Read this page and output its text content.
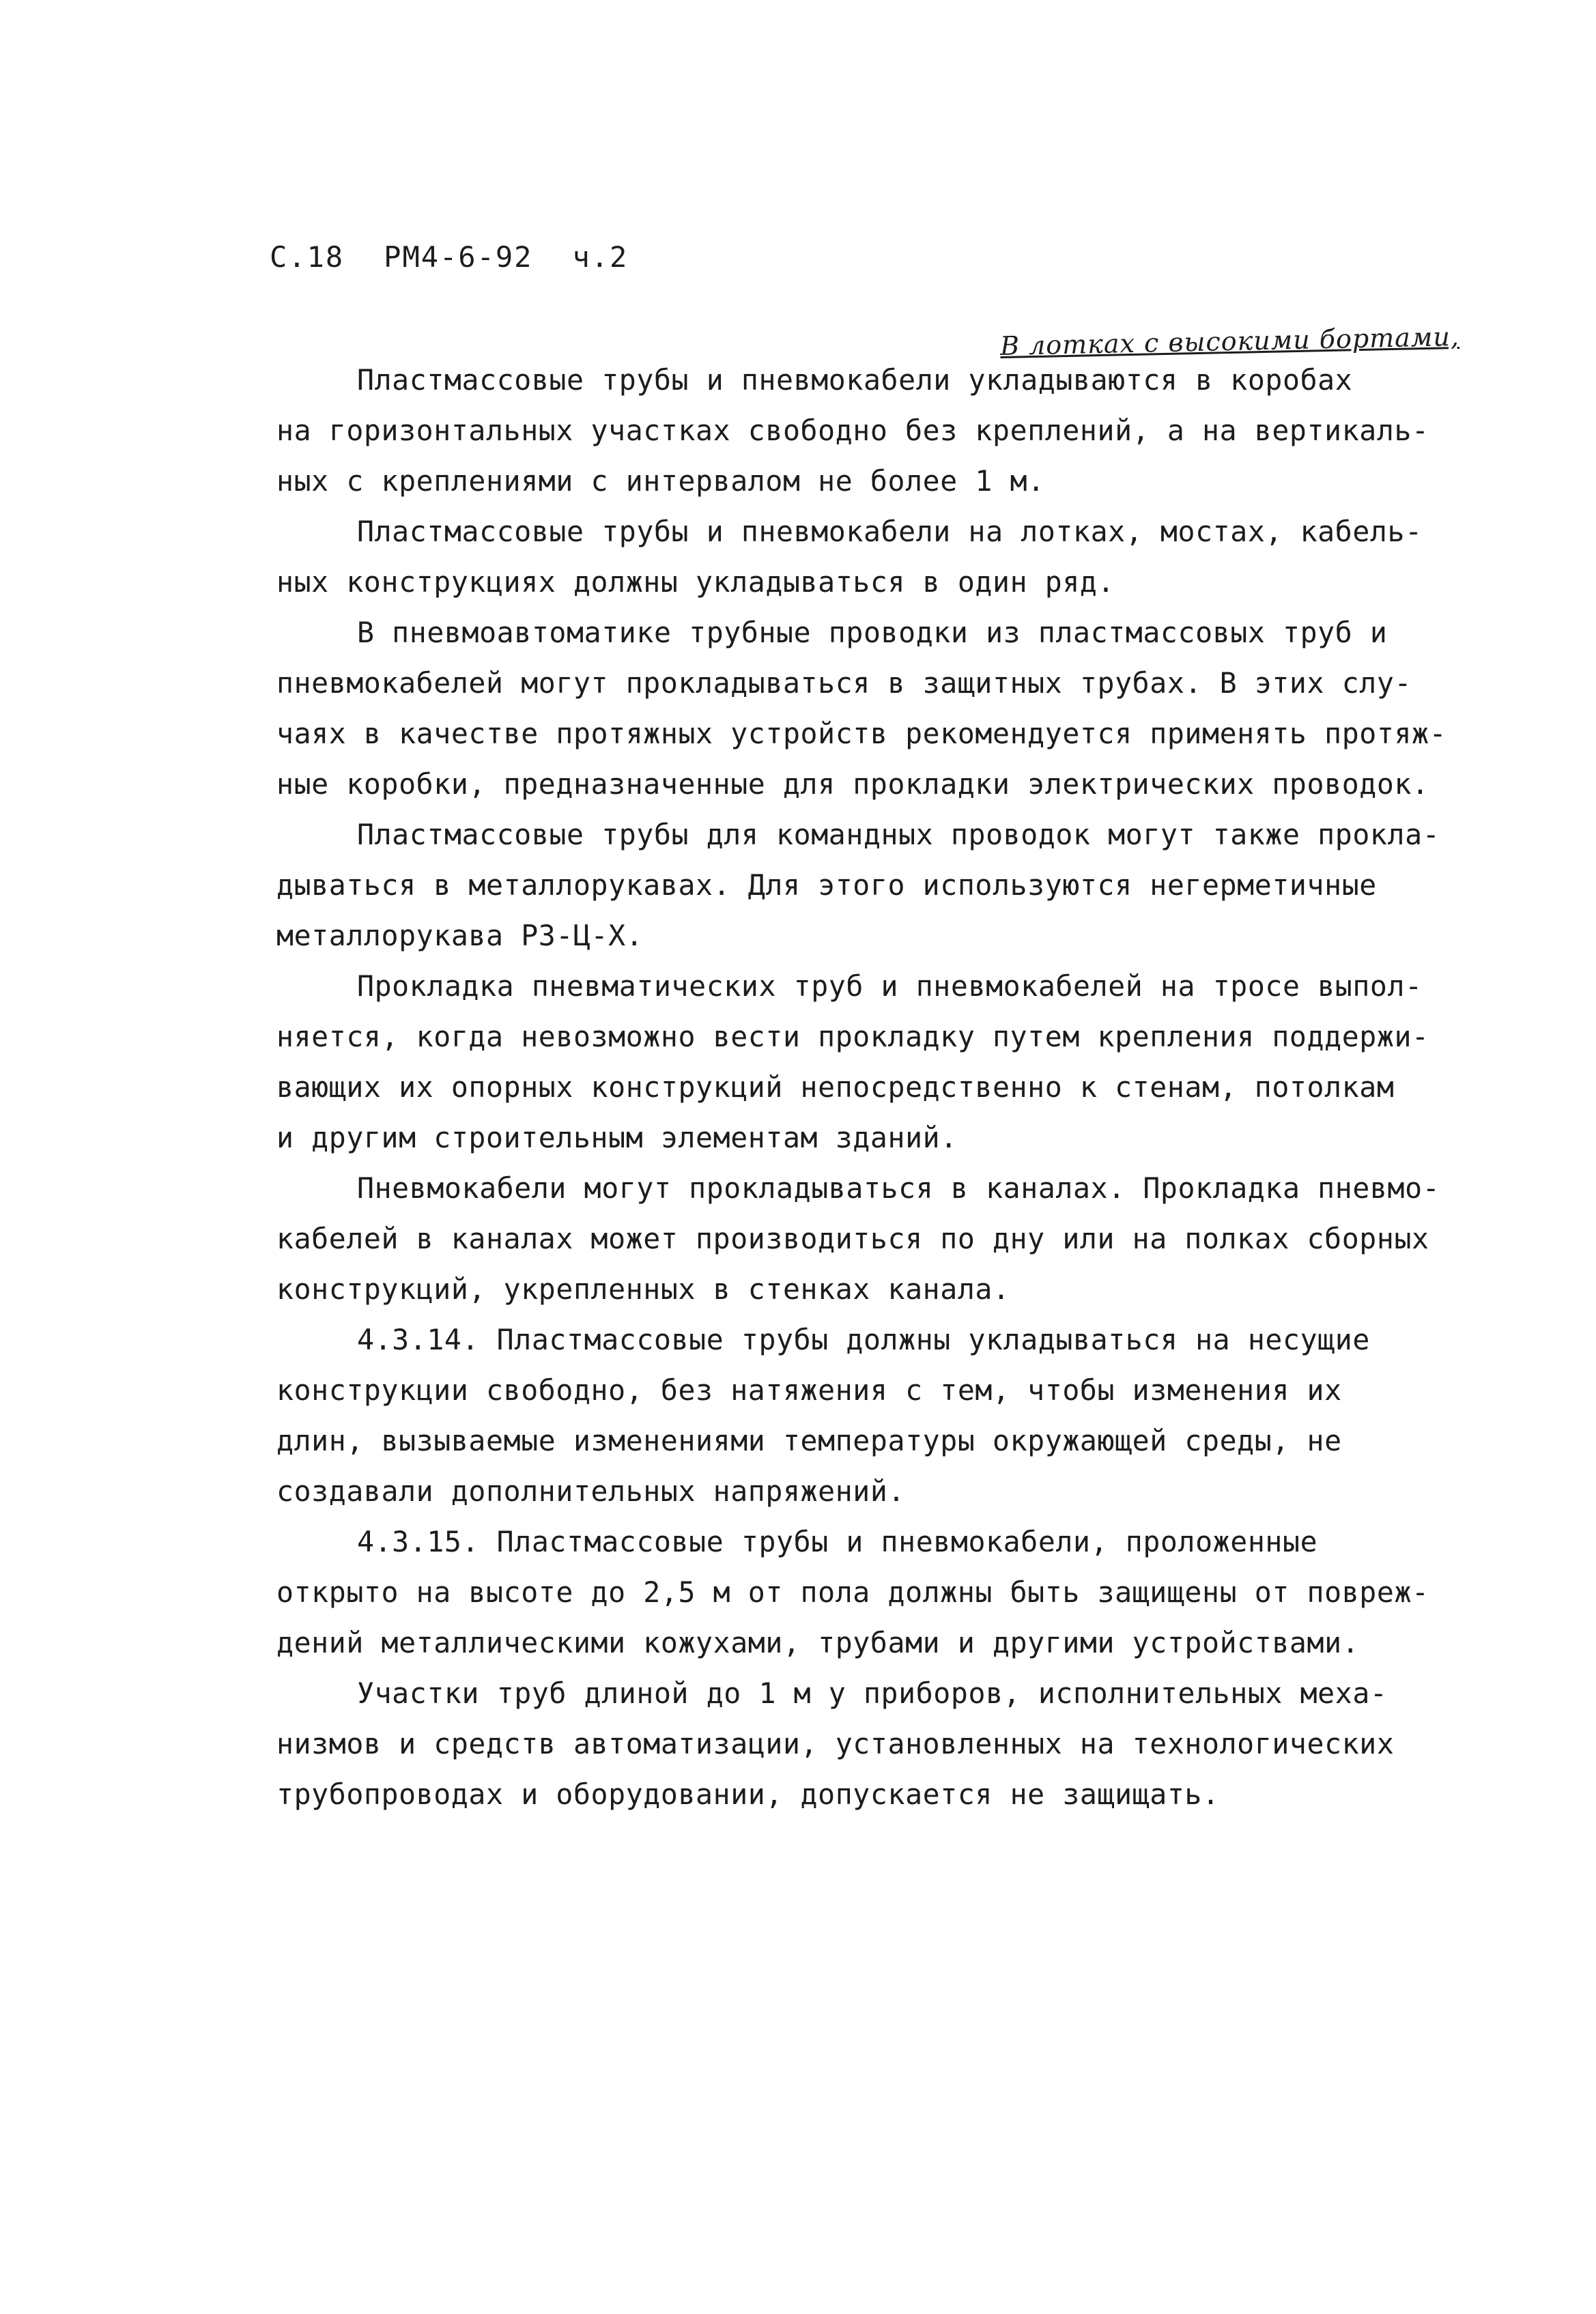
С.18 РМ4-6-92 ч.2
В лотках с высокими бортами,
Пластмассовые трубы и пневмокабели укладываются в коробах
на горизонтальных участках свободно без креплений, а на вертикаль-
ных с креплениями с интервалом не более 1 м.
Пластмассовые трубы и пневмокабели на лотках, мостах, кабель-
ных конструкциях должны укладываться в один ряд.
В пневмоавтоматике трубные проводки из пластмассовых труб и
пневмокабелей могут прокладываться в защитных трубах. В этих слу-
чаях в качестве протяжных устройств рекомендуется применять протяж-
ные коробки, предназначенные для прокладки электрических проводок.
Пластмассовые трубы для командных проводок могут также прокла-
дываться в металлорукавах. Для этого используются негерметичные
металлорукава РЗ-Ц-Х.
Прокладка пневматических труб и пневмокабелей на тросе выпол-
няется, когда невозможно вести прокладку путем крепления поддержи-
вающих их опорных конструкций непосредственно к стенам, потолкам
и другим строительным элементам зданий.
Пневмокабели могут прокладываться в каналах. Прокладка пневмо-
кабелей в каналах может производиться по дну или на полках сборных
конструкций, укрепленных в стенках канала.
4.3.14. Пластмассовые трубы должны укладываться на несущие
конструкции свободно, без натяжения с тем, чтобы изменения их
длин, вызываемые изменениями температуры окружающей среды, не
создавали дополнительных напряжений.
4.3.15. Пластмассовые трубы и пневмокабели, проложенные
открыто на высоте до 2,5 м от пола должны быть защищены от повреж-
дений металлическими кожухами, трубами и другими устройствами.
Участки труб длиной до 1 м у приборов, исполнительных меха-
низмов и средств автоматизации, установленных на технологических
трубопроводах и оборудовании, допускается не защищать.
